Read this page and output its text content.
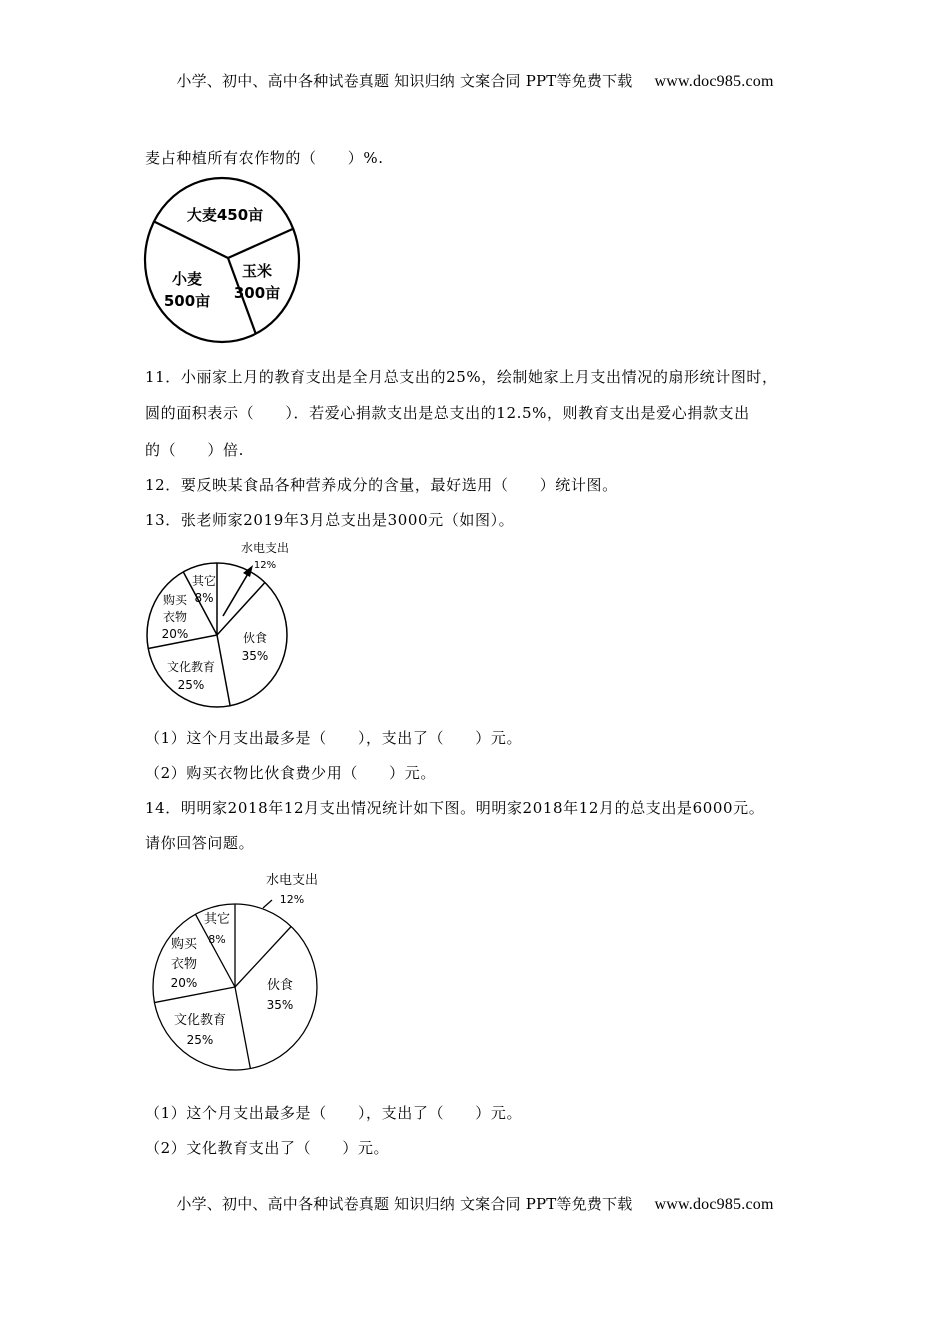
小学、初中、高中各种试卷真题 知识归纳 文案合同 PPT等免费下载 www.doc985.com
麦占种植所有农作物的（　　）%.
大麦450亩
玉米
300亩
小麦
500亩
11．小丽家上月的教育支出是全月总支出的25%，绘制她家上月支出情况的扇形统计图时，
圆的面积表示（　　）．若爱心捐款支出是总支出的12.5%，则教育支出是爱心捐款支出
的（　　）倍.
12．要反映某食品各种营养成分的含量，最好选用（　　）统计图。
13．张老师家2019年3月总支出是3000元（如图）。
水电支出
12%
伙食
35%
文化教育
25%
购买
衣物
20%
其它
8%
（1）这个月支出最多是（　　），支出了（　　）元。
（2）购买衣物比伙食费少用（　　）元。
14．明明家2018年12月支出情况统计如下图。明明家2018年12月的总支出是6000元。
请你回答问题。
水电支出
12%
伙食
35%
文化教育
25%
购买
衣物
20%
其它
8%
（1）这个月支出最多是（　　），支出了（　　）元。
（2）文化教育支出了（　　）元。
小学、初中、高中各种试卷真题 知识归纳 文案合同 PPT等免费下载 www.doc985.com
